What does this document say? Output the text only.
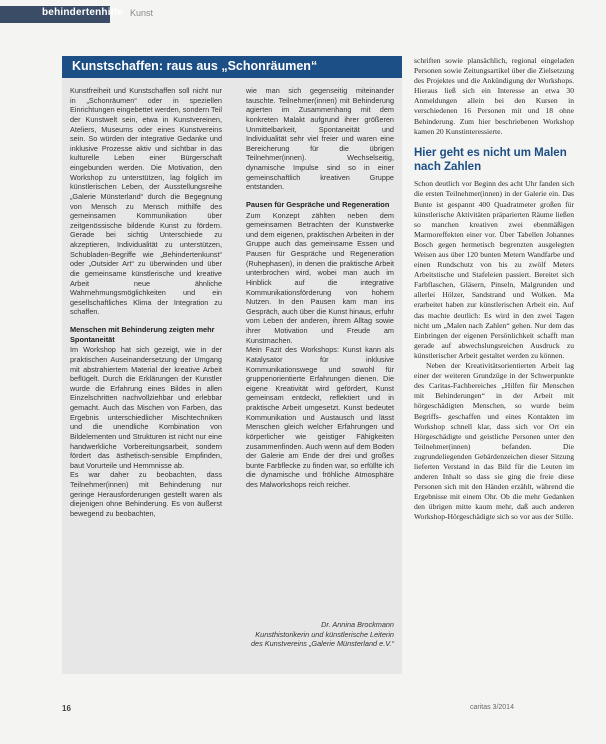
behindertenhilfe Kunst
Kunstschaffen: raus aus „Schonräumen“

Kunstfreiheit und Kunstschaffen soll nicht nur in „Schonräumen“ oder in speziellen Einrichtungen eingebettet werden, sondern Teil der Kunstwelt sein, etwa in Kunstvereinen, Ateliers, Museums oder eines Kunstvereins sein. So würden der integrative Gedanke und inklusive Prozesse aktiv und sichtbar in das kulturelle Leben einer Bürgerschaft eingebunden werden. Die Motivation, den Workshop zu unterstützen, lag folglich im künstlerischen Leben, der Ausstellungsreihe „Galerie Münsterland“ durch die Begegnung von Mensch zu Mensch mithilfe des gemeinsamen Kommunikation über zeitgenössische bildende Kunst zu fördern. Gerade bei sichtig Unterschiede zu akzeptieren, Individualität zu unterstützen, Schubladen-Begriffe wie „Behindertenkunst“ oder „Outsider Art“ zu überwinden und über die gemeinsame künstlerische und kreative Arbeit neue ähnliche Wahrnehmungsmöglichkeiten und ein gesellschaftliches Klima der Integration zu schaffen.

Menschen mit Behinderung zeigten mehr Spontaneität

Im Workshop hat sich gezeigt, wie in der praktischen Auseinandersetzung der Umgang mit abstrahiertem Material der kreative Arbeit beflügelt. Durch die Erklärungen der Kunstler wurde die Erfahrung eines Bildes in allen Einzelschritten nachvollziehbar und erlebbar gemacht. Auch das Mischen von Farben, das Ergebnis unterschiedlicher Mischtechniken und die unendliche Kombination von Bildelementen und Strukturen ist nicht nur eine handwerkliche Vorbereitungsarbeit, sondern fördert das ästhetisch-sensible Empfinden, baut Vorurteile und Hemmnisse ab.

Es war daher zu beobachten, dass Teilnehmer(innen) mit Behinderung nur geringe Herausforderungen gestellt waren als diejenigen ohne Behinderung. Es von äußerst bewegend zu beobachten,

wie man sich gegenseitig miteinander tauschte. Teilnehmer(innen) mit Behinderung agierten im Zusammenhang mit dem konkreten Malakt aufgrund ihrer größeren Unmittelbarkeit, Spontaneität und Individualität sehr viel freier und waren eine Bereicherung für die übrigen Teilnehmer(innen). Wechselseitig, dynamische Impulse sind so in einer gemeinschaftlich kreativen Gruppe entstanden.

Pausen für Gespräche und Regeneration

Zum Konzept zählten neben dem gemeinsamen Betrachten der Kunstwerke und dem eigenen, praktischen Arbeiten in der Gruppe auch das gemeinsame Essen und Pausen für Gespräche und Regeneration (Ruhephasen), in denen die praktische Arbeit unterbrochen wird, wobei man auch im Hinblick auf die integrative Kommunikationsförderung von hohem Nutzen. In den Pausen kam man ins Gespräch, auch über die Kunst hinaus, erfuhr vom Leben der anderen, ihrem Alltag sowie ihrer Motivation und Freude am Kunstmachen.

Mein Fazit des Workshops: Kunst kann als Katalysator für inklusive Kommunikationswege und sowohl für gruppenorientierte Erfahrungen dienen. Die eigene Kreativität wird gefördert, Kunst gemeinsam entdeckt, reflektiert und in praktische Arbeit umgesetzt. Kunst bedeutet Kommunikation und Austausch und lässt Menschen gleich welcher Erfahrungen und körperlicher wie geistiger Fähigkeiten zusammenfinden. Auch wenn auf dem Boden der Galerie am Ende der drei und großes bunte Farbflecke zu finden war, so erfüllte ich die dynamische und fröhliche Atmosphäre des Malworkshops reich reicher.

Dr. Annina Brockmann
Kunsthistorikerin und künstlerische Leiterin des Kunstvereins „Galerie Münsterland e.V.“

schriften sowie plansächlich, regional eingeladen Personen sowie Zeitungsartikel über die Zielsetzung des Projektes und die Ankündigung der Workshops. Hieraus ließ sich ein Interesse an etwa 30 Anmeldungen allein bei den Kursen in verschiedenen 16 Personen mit und 18 ohne Behinderung. Zum hier beschriebenen Workshop kamen 20 Kunstinteressierte.

Hier geht es nicht um Malen nach Zahlen

Schon deutlich vor Beginn des acht Uhr fanden sich die ersten Teilnehmer(innen) in der Galerie ein. Das Bunte ist gespannt 400 Quadratmeter großen für künstlerische Aktivitäten präparierten Räume ließen so manchen kreativen zwei ebenmäßigen Marmoreffekten einer vor. Über Tabellen Johannes Bosch gegen hermetisch begrenzten ausgelegten Weisen aus über 120 bunten Metern Wandfarbe und einen Rundschutz von bis zu zwölf Meters Arbeitstische und Stafeleien passiert. Bereitet sich Farbflaschen, Gläsern, Pinseln, Malgrunden und allerlei Hölzer, Sandstrand und Wolken. Ma erarbeitet haben zur künstlerischen Arbeit ein. Auf das machte deutlich: Es wird in den zwei Tagen nicht um „Malen nach Zahlen“ gehen. Nur dem das Einbringen der eigenen Persönlichkeit schafft man gerade auf abwechslungsreichen Ausdruck zu künstlerischer Arbeit gestaltet werden zu können.

Neben der Kreativitätsorientierten Arbeit lag einer der weiteren Grundzüge in der Schwerpunkte des Caritas-Fachbereiches „Hilfen für Menschen mit Behinderungen“ in der Arbeit mit hörgeschädigten Menschen, so wurde beim Begriffs- geschaffen und eines Kontakten im Workshop schnell klar, dass sich vor Ort ein Hörgeschädigte und geistliche Personen unter den Teilnehmer(innen) befanden. Die zugrundeliegenden Gebärdenzeichen dieser Sitzung lieferten Verstand in das Bild für die Leuten im anderen Inhalt so dass sie ging die freie diese Personen sich mit den Händen erzählt, während die Ergebnisse mit einem Ohr. Ob die mehr Gedanken den übrigen mitte kaum mehr, daß auch anderen Workshop-Hörgeschädigte sich so vor aus der Stille.

16	caritas 3/2014
